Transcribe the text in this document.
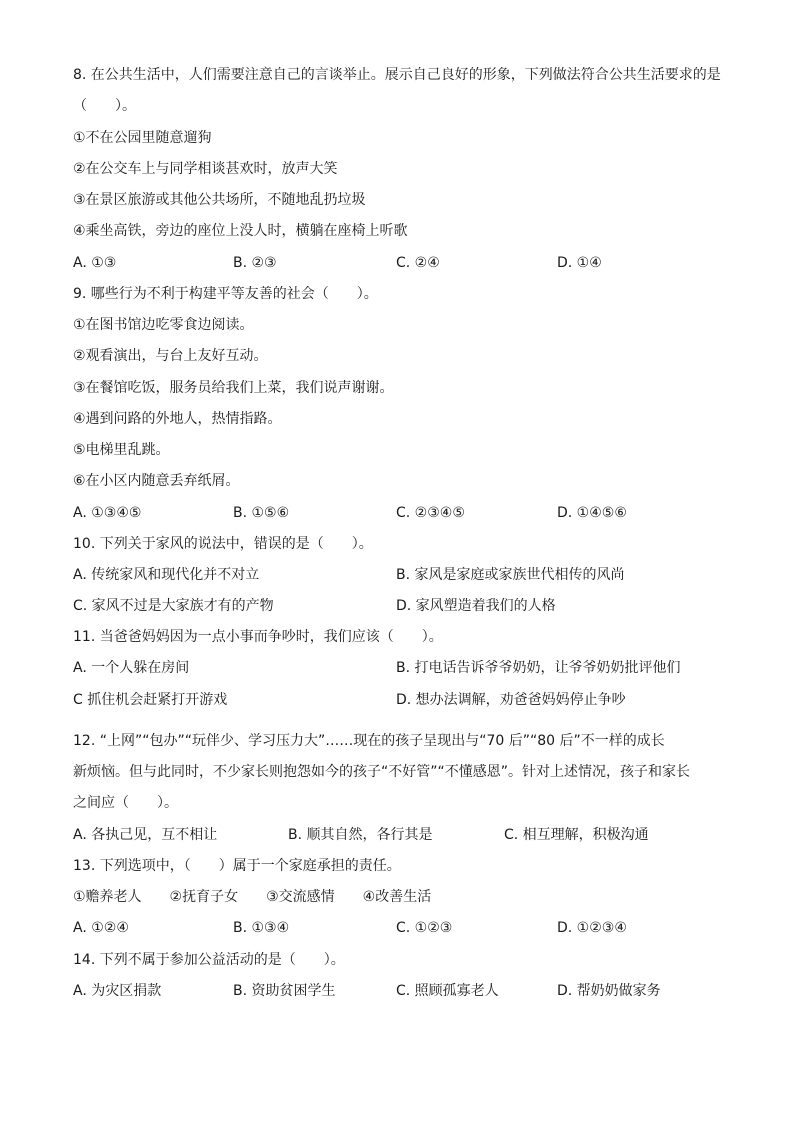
8. 在公共生活中，人们需要注意自己的言谈举止。展示自己良好的形象，下列做法符合公共生活要求的是
（　　）。
①不在公园里随意遛狗
②在公交车上与同学相谈甚欢时，放声大笑
③在景区旅游或其他公共场所，不随地乱扔垃圾
④乘坐高铁，旁边的座位上没人时，横躺在座椅上听歌
A. ①③	B. ②③	C. ②④	D. ①④
9. 哪些行为不利于构建平等友善的社会（　　）。
①在图书馆边吃零食边阅读。
②观看演出，与台上友好互动。
③在餐馆吃饭，服务员给我们上菜，我们说声谢谢。
④遇到问路的外地人，热情指路。
⑤电梯里乱跳。
⑥在小区内随意丢弃纸屑。
A. ①③④⑤	B. ①⑤⑥	C. ②③④⑤	D. ①④⑤⑥
10. 下列关于家风的说法中，错误的是（　　）。
A. 传统家风和现代化并不对立	B. 家风是家庭或家族世代相传的风尚
C. 家风不过是大家族才有的产物	D. 家风塑造着我们的人格
11. 当爸爸妈妈因为一点小事而争吵时，我们应该（　　）。
A. 一个人躲在房间	B. 打电话告诉爷爷奶奶，让爷爷奶奶批评他们
C 抓住机会赶紧打开游戏	D. 想办法调解，劝爸爸妈妈停止争吵
12. “上网”“包办”“玩伴少、学习压力大”……现在的孩子呈现出与“70 后”“80 后”不一样的成长
新烦恼。但与此同时，不少家长则抱怨如今的孩子“不好管”“不懂感恩”。针对上述情况，孩子和家长
之间应（　　）。
A. 各执己见，互不相让	B. 顺其自然，各行其是	C. 相互理解，积极沟通
13. 下列选项中，（　　）属于一个家庭承担的责任。
①赡养老人　　②抚育子女　　③交流感情　　④改善生活
A. ①②④	B. ①③④	C. ①②③	D. ①②③④
14. 下列不属于参加公益活动的是（　　）。
A. 为灾区捐款	B. 资助贫困学生	C. 照顾孤寡老人	D. 帮奶奶做家务
